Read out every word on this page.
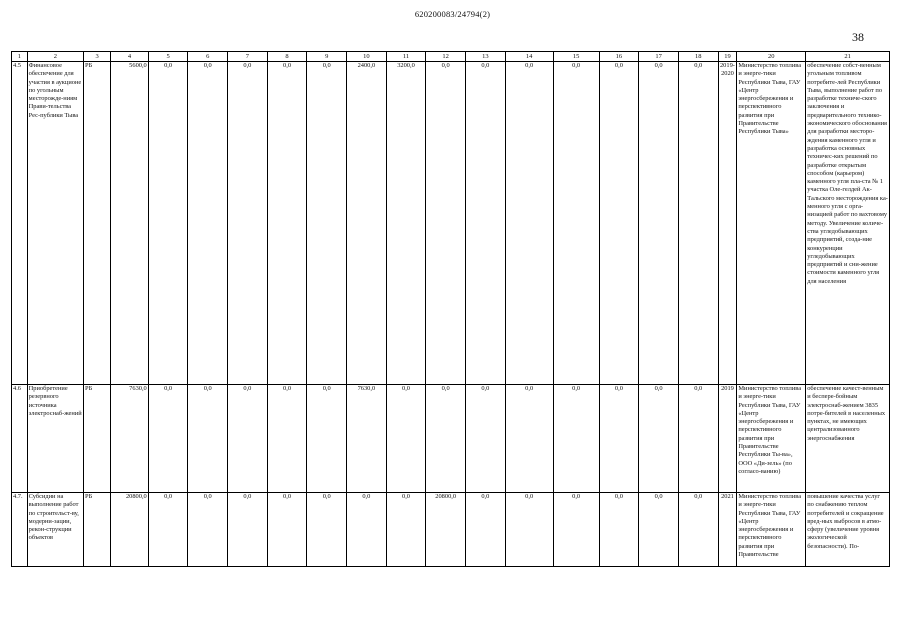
620200083/24794(2)
38
1	2	3	4	5	6	7	8	9	10	11	12	13	14	15	16	17	18	19	20	21
4.5	Финансовое обеспечение для участия в аукционе по угольным месторожде-ниям Прави-тельства Рес-публики Тыва	РБ	5600,0	0,0	0,0	0,0	0,0	0,0	2400,0	3200,0	0,0	0,0	0,0	0,0	0,0	0,0	0,0	2019-2020	Министерство топлива и энерге-тики Республики Тыва, ГАУ «Центр энергосбережения и перспективного развития при Правительстве Республики Тыва»	обеспечение собст-венным угольным топливом потребите-лей Республики Тыва, выполнение работ по разработке техниче-ского заключения и предварительного технико-экономического обоснования для разработки месторо-ждения каменного угля и разработка основных техничес-ких решений по разработке открытым способом (карьером) каменного угля пла-ста № 1 участка Оле-гелдей Ак-Тальского месторождения ка-менного угля с орга-низацией работ по вахтовому методу. Увеличение количе-ства угледобывающих предприятий, созда-ние конкуренции угледобывающих предприятий и сни-жение стоимости каменного угля для населения
4.6	Приобретение резервного источника электроснаб-жений	РБ	7630,0	0,0	0,0	0,0	0,0	0,0	7630,0	0,0	0,0	0,0	0,0	0,0	0,0	0,0	0,0	2019	Министерство топлива и энерге-тики Республики Тыва, ГАУ «Центр энергосбережения и перспективного развития при Правительстве Республики Ты-ва», ООО «Ди-зель» (по согласо-ванию)	обеспечение качест-венным и беспере-бойным электроснаб-жением 3835 потре-бителей в населенных пунктах, не имеющих централизованного энергоснабжения
4.7.	Субсидии на выполнение работ по строительст-ву, модерни-зации, рекон-струкции объектов	РБ	20800,0	0,0	0,0	0,0	0,0	0,0	0,0	0,0	20800,0	0,0	0,0	0,0	0,0	0,0	0,0	2021	Министерство топлива и энерге-тики Республики Тыва, ГАУ «Центр энергосбережения и перспективного развития при Правительстве	повышение качества услуг по снабжению теплом потребителей и сокращение вред-ных выбросов в атмо-сферу (увеличение уровня экологической безопасности). По-
